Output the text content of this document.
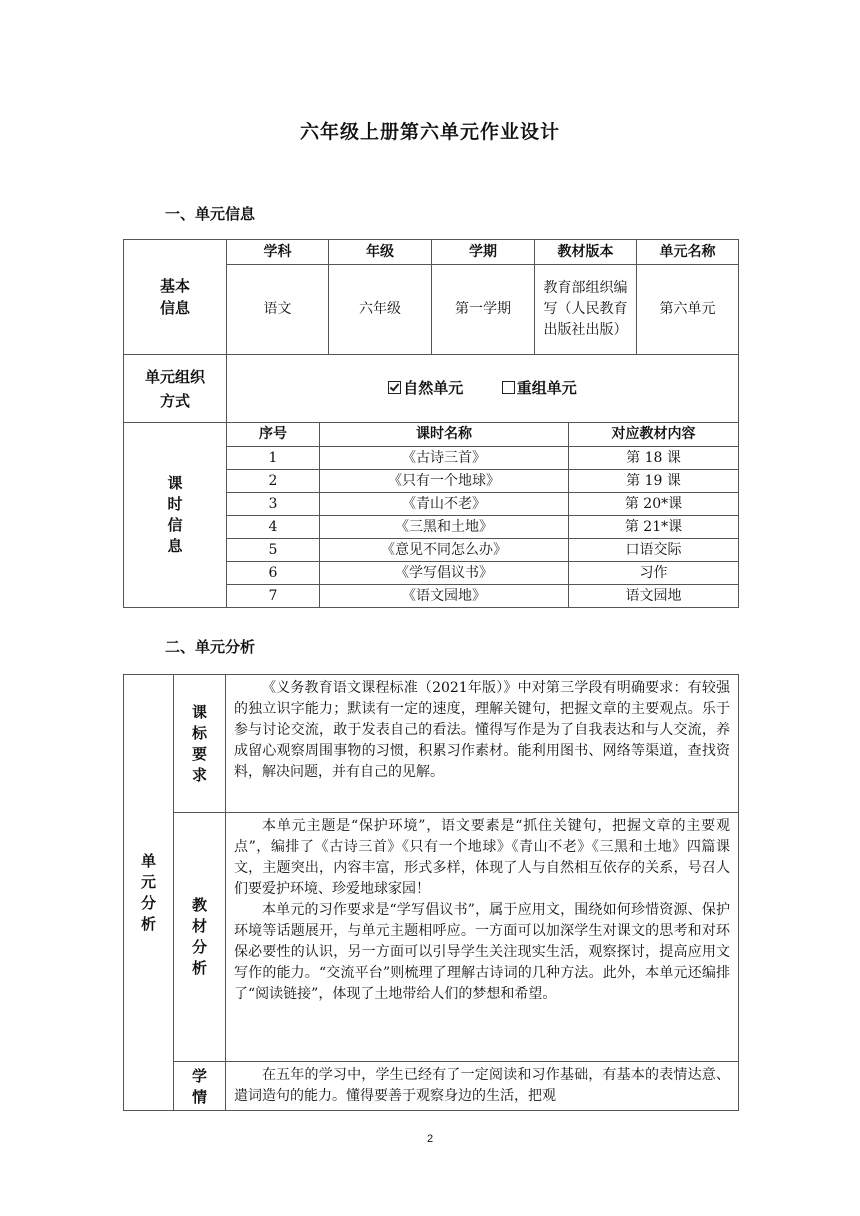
六年级上册第六单元作业设计
一、单元信息
基本信息	学科	年级	学期	教材版本	单元名称
	语文	六年级	第一学期	教育部组织编写（人民教育出版社出版）	第六单元

单元组织方式	自然单元 重组单元				
课时信息	序号	课时名称	对应教材内容
	1	《古诗三首》	第 18 课
	2	《只有一个地球》	第 19 课
	3	《青山不老》	第 20*课
	4	《三黑和土地》	第 21*课
	5	《意见不同怎么办》	口语交际
	6	《学写倡议书》	习作
	7	《语文园地》	语文园地
二、单元分析
单元分析	课标要求	《义务教育语文课程标准（2021年版）》中对第三学段有明确要求：有较强的独立识字能力；默读有一定的速度，理解关键句，把握文章的主要观点。乐于参与讨论交流，敢于发表自己的看法。懂得写作是为了自我表达和与人交流，养成留心观察周围事物的习惯，积累习作素材。能利用图书、网络等渠道，查找资料，解决问题，并有自己的见解。

	教材分析	本单元主题是“保护环境”，语文要素是“抓住关键句，把握文章的主要观点”，编排了《古诗三首》《只有一个地球》《青山不老》《三黑和土地》四篇课文，主题突出，内容丰富，形式多样，体现了人与自然相互依存的关系，号召人们要爱护环境、珍爱地球家园！

本单元的习作要求是“学写倡议书”，属于应用文，围绕如何珍惜资源、保护环境等话题展开，与单元主题相呼应。一方面可以加深学生对课文的思考和对环保必要性的认识，另一方面可以引导学生关注现实生活，观察探讨，提高应用文写作的能力。“交流平台”则梳理了理解古诗词的几种方法。此外，本单元还编排了“阅读链接”，体现了土地带给人们的梦想和希望。

	学情	在五年的学习中，学生已经有了一定阅读和习作基础，有基本的表情达意、遣词造句的能力。懂得要善于观察身边的生活，把观

2
